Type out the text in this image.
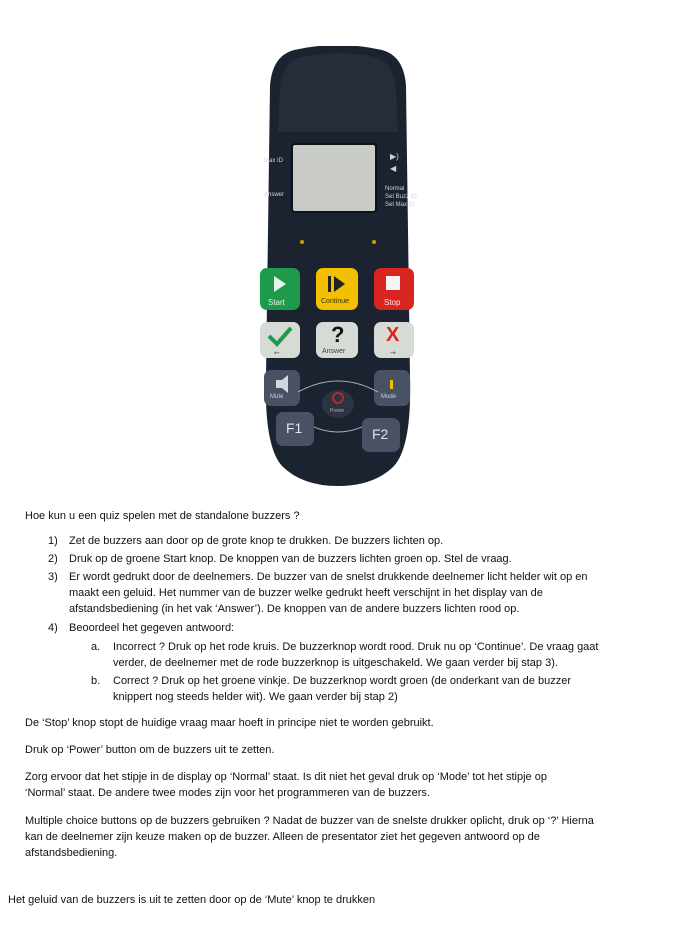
←	→
Max ID
Answer
Normal
Set Buzz ID
Set Max ID
▶)
◀
Start	Continue	Stop
?
Answer
X
Mute	Mode
Power
F1	F2
Hoe kun u een quiz spelen met de standalone buzzers ?
1) Zet de buzzers aan door op de grote knop te drukken. De buzzers lichten op.
2) Druk op de groene Start knop. De knoppen van de buzzers lichten groen op. Stel de vraag.
3) Er wordt gedrukt door de deelnemers. De buzzer van de snelst drukkende deelnemer licht helder wit op en
maakt een geluid. Het nummer van de buzzer welke gedrukt heeft verschijnt in het display van de
afstandsbediening (in het vak ‘Answer’). De knoppen van de andere buzzers lichten rood op.
4) Beoordeel het gegeven antwoord:
a. Incorrect ? Druk op het rode kruis. De buzzerknop wordt rood. Druk nu op ‘Continue’. De vraag gaat
verder, de deelnemer met de rode buzzerknop is uitgeschakeld. We gaan verder bij stap 3).
b. Correct ? Druk op het groene vinkje. De buzzerknop wordt groen (de onderkant van de buzzer
knippert nog steeds helder wit). We gaan verder bij stap 2)
De ‘Stop’ knop stopt de huidige vraag maar hoeft in principe niet te worden gebruikt.
Druk op ‘Power’ button om de buzzers uit te zetten.
Zorg ervoor dat het stipje in de display op ‘Normal’ staat. Is dit niet het geval druk op ‘Mode’ tot het stipje op
‘Normal’ staat. De andere twee modes zijn voor het programmeren van de buzzers.
Multiple choice buttons op de buzzers gebruiken ? Nadat de buzzer van de snelste drukker oplicht, druk op ‘?’ Hierna
kan de deelnemer zijn keuze maken op de buzzer. Alleen de presentator ziet het gegeven antwoord op de
afstandsbediening.
Het geluid van de buzzers is uit te zetten door op de ‘Mute’ knop te drukken
